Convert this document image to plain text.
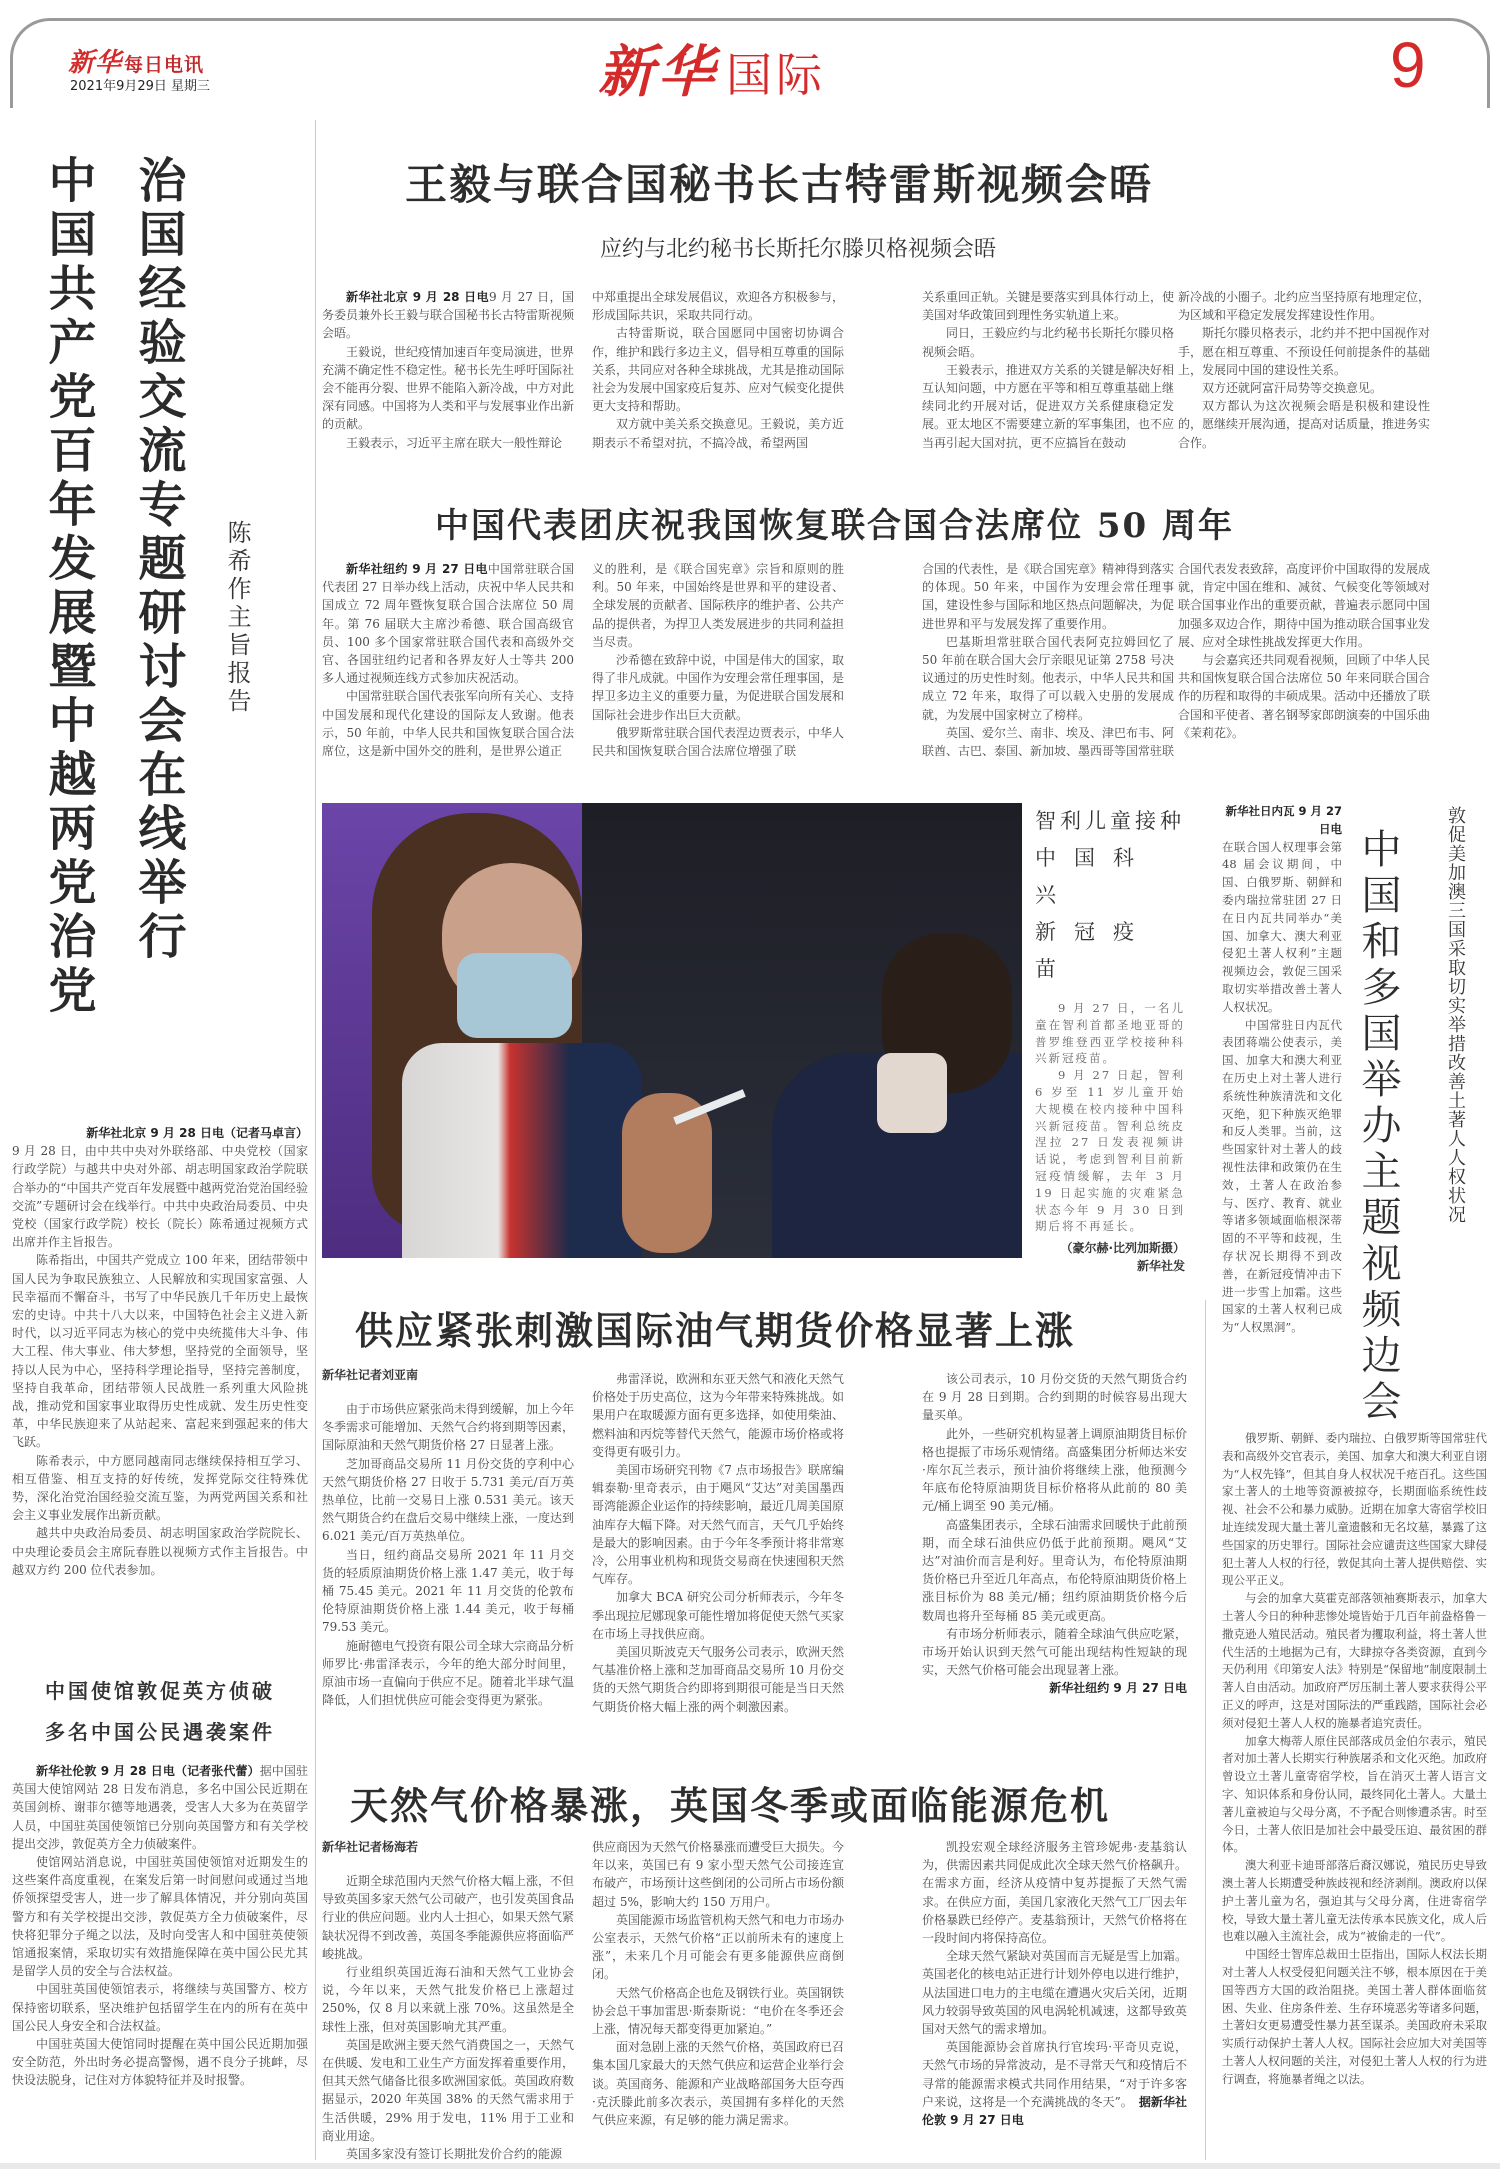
新华 每日电讯
2021年9月29日 星期三	新华 国际	9
中国共产党百年发展暨中越两党治党 治国经验交流专题研讨会在线举行 陈希作主旨报告

新华社北京 9 月 28 日电（记者马卓言）

9 月 28 日，由中共中央对外联络部、中央党校（国家行政学院）与越共中央对外部、胡志明国家政治学院联合举办的“中国共产党百年发展暨中越两党治党治国经验交流”专题研讨会在线举行。中共中央政治局委员、中央党校（国家行政学院）校长（院长）陈希通过视频方式出席并作主旨报告。

陈希指出，中国共产党成立 100 年来，团结带领中国人民为争取民族独立、人民解放和实现国家富强、人民幸福而不懈奋斗，书写了中华民族几千年历史上最恢宏的史诗。中共十八大以来，中国特色社会主义进入新时代，以习近平同志为核心的党中央统揽伟大斗争、伟大工程、伟大事业、伟大梦想，坚持党的全面领导，坚持以人民为中心，坚持科学理论指导，坚持完善制度，坚持自我革命，团结带领人民战胜一系列重大风险挑战，推动党和国家事业取得历史性成就、发生历史性变革，中华民族迎来了从站起来、富起来到强起来的伟大飞跃。

陈希表示，中方愿同越南同志继续保持相互学习、相互借鉴、相互支持的好传统，发挥党际交往特殊优势，深化治党治国经验交流互鉴，为两党两国关系和社会主义事业发展作出新贡献。

越共中央政治局委员、胡志明国家政治学院院长、中央理论委员会主席阮春胜以视频方式作主旨报告。中越双方约 200 位代表参加。

中国使馆敦促英方侦破
多名中国公民遇袭案件

新华社伦敦 9 月 28 日电（记者张代蕾）据中国驻英国大使馆网站 28 日发布消息，多名中国公民近期在英国剑桥、谢菲尔德等地遇袭，受害人大多为在英留学人员，中国驻英国使领馆已分别向英国警方和有关学校提出交涉，敦促英方全力侦破案件。

使馆网站消息说，中国驻英国使领馆对近期发生的这些案件高度重视，在案发后第一时间慰问或通过当地侨领探望受害人，进一步了解具体情况，并分别向英国警方和有关学校提出交涉，敦促英方全力侦破案件，尽快将犯罪分子绳之以法，及时向受害人和中国驻英使领馆通报案情，采取切实有效措施保障在英中国公民尤其是留学人员的安全与合法权益。

中国驻英国使领馆表示，将继续与英国警方、校方保持密切联系，坚决维护包括留学生在内的所有在英中国公民人身安全和合法权益。

中国驻英国大使馆同时提醒在英中国公民近期加强安全防范，外出时务必提高警惕，遇不良分子挑衅，尽快设法脱身，记住对方体貌特征并及时报警。

王毅与联合国秘书长古特雷斯视频会晤
应约与北约秘书长斯托尔滕贝格视频会晤

新华社北京 9 月 28 日电9 月 27 日，国务委员兼外长王毅与联合国秘书长古特雷斯视频会晤。

王毅说，世纪疫情加速百年变局演进，世界充满不确定性不稳定性。秘书长先生呼吁国际社会不能再分裂、世界不能陷入新冷战，中方对此深有同感。中国将为人类和平与发展事业作出新的贡献。

王毅表示，习近平主席在联大一般性辩论

中郑重提出全球发展倡议，欢迎各方积极参与，形成国际共识，采取共同行动。

古特雷斯说，联合国愿同中国密切协调合作，维护和践行多边主义，倡导相互尊重的国际关系，共同应对各种全球挑战，尤其是推动国际社会为发展中国家疫后复苏、应对气候变化提供更大支持和帮助。

双方就中美关系交换意见。王毅说，美方近期表示不希望对抗，不搞冷战，希望两国

关系重回正轨。关键是要落实到具体行动上，使美国对华政策回到理性务实轨道上来。

同日，王毅应约与北约秘书长斯托尔滕贝格视频会晤。

王毅表示，推进双方关系的关键是解决好相互认知问题，中方愿在平等和相互尊重基础上继续同北约开展对话，促进双方关系健康稳定发展。亚太地区不需要建立新的军事集团，也不应当再引起大国对抗，更不应搞旨在鼓动

新冷战的小圈子。北约应当坚持原有地理定位，为区域和平稳定发展发挥建设性作用。

斯托尔滕贝格表示，北约并不把中国视作对手，愿在相互尊重、不预设任何前提条件的基础上，发展同中国的建设性关系。

双方还就阿富汗局势等交换意见。

双方都认为这次视频会晤是积极和建设性的，愿继续开展沟通，提高对话质量，推进务实合作。

中国代表团庆祝我国恢复联合国合法席位 50 周年

新华社纽约 9 月 27 日电中国常驻联合国代表团 27 日举办线上活动，庆祝中华人民共和国成立 72 周年暨恢复联合国合法席位 50 周年。第 76 届联大主席沙希德、联合国高级官员、100 多个国家常驻联合国代表和高级外交官、各国驻纽约记者和各界友好人士等共 200 多人通过视频连线方式参加庆祝活动。

中国常驻联合国代表张军向所有关心、支持中国发展和现代化建设的国际友人致谢。他表示，50 年前，中华人民共和国恢复联合国合法席位，这是新中国外交的胜利，是世界公道正

义的胜利，是《联合国宪章》宗旨和原则的胜利。50 年来，中国始终是世界和平的建设者、全球发展的贡献者、国际秩序的维护者、公共产品的提供者，为捍卫人类发展进步的共同利益担当尽责。

沙希德在致辞中说，中国是伟大的国家，取得了非凡成就。中国作为安理会常任理事国，是捍卫多边主义的重要力量，为促进联合国发展和国际社会进步作出巨大贡献。

俄罗斯常驻联合国代表涅边贾表示，中华人民共和国恢复联合国合法席位增强了联

合国的代表性，是《联合国宪章》精神得到落实的体现。50 年来，中国作为安理会常任理事国，建设性参与国际和地区热点问题解决，为促进世界和平与发展发挥了重要作用。

巴基斯坦常驻联合国代表阿克拉姆回忆了 50 年前在联合国大会厅亲眼见证第 2758 号决议通过的历史性时刻。他表示，中华人民共和国成立 72 年来，取得了可以载入史册的发展成就，为发展中国家树立了榜样。

英国、爱尔兰、南非、埃及、津巴布韦、阿联酋、古巴、泰国、新加坡、墨西哥等国常驻联

合国代表发表致辞，高度评价中国取得的发展成就，肯定中国在维和、减贫、气候变化等领域对联合国事业作出的重要贡献，普遍表示愿同中国加强多双边合作，期待中国为推动联合国事业发展、应对全球性挑战发挥更大作用。

与会嘉宾还共同观看视频，回顾了中华人民共和国恢复联合国合法席位 50 年来同联合国合作的历程和取得的丰硕成果。活动中还播放了联合国和平使者、著名钢琴家郎朗演奏的中国乐曲《茉莉花》。

智利儿童接种
中国科兴
新冠疫苗

9 月 27 日，一名儿童在智利首都圣地亚哥的普罗维登西亚学校接种科兴新冠疫苗。

9 月 27 日起，智利 6 岁至 11 岁儿童开始大规模在校内接种中国科兴新冠疫苗。智利总统皮涅拉 27 日发表视频讲话说，考虑到智利目前新冠疫情缓解，去年 3 月 19 日起实施的灾难紧急状态今年 9 月 30 日到期后将不再延长。

（豪尔赫·比列加斯摄）
新华社发	中国和多国举办主题视频边会 敦促美加澳三国采取切实举措改善土著人人权状况

新华社日内瓦 9 月 27 日电

在联合国人权理事会第 48 届会议期间，中国、白俄罗斯、朝鲜和委内瑞拉常驻团 27 日在日内瓦共同举办“美国、加拿大、澳大利亚侵犯土著人权利”主题视频边会，敦促三国采取切实举措改善土著人人权状况。

中国常驻日内瓦代表团蒋端公使表示，美国、加拿大和澳大利亚在历史上对土著人进行系统性种族清洗和文化灭绝，犯下种族灭绝罪和反人类罪。当前，这些国家针对土著人的歧视性法律和政策仍在生效，土著人在政治参与、医疗、教育、就业等诸多领域面临根深蒂固的不平等和歧视，生存状况长期得不到改善，在新冠疫情冲击下进一步雪上加霜。这些国家的土著人权利已成为“人权黑洞”。

俄罗斯、朝鲜、委内瑞拉、白俄罗斯等国常驻代表和高级外交官表示，美国、加拿大和澳大利亚自诩为“人权先锋”，但其自身人权状况千疮百孔。这些国家土著人的土地等资源被掠夺，长期面临系统性歧视、社会不公和暴力威胁。近期在加拿大寄宿学校旧址连续发现大量土著儿童遗骸和无名坟墓，暴露了这些国家的历史罪行。国际社会应谴责这些国家大肆侵犯土著人人权的行径，敦促其向土著人提供赔偿、实现公平正义。

与会的加拿大莫霍克部落领袖赛斯表示，加拿大土著人今日的种种悲惨处境皆始于几百年前盎格鲁－撒克逊人殖民活动。殖民者为攫取利益，将土著人世代生活的土地据为己有，大肆掠夺各类资源，直到今天仍利用《印第安人法》特别是“保留地”制度限制土著人自由活动。加政府严厉压制土著人要求获得公平正义的呼声，这是对国际法的严重践踏，国际社会必须对侵犯土著人人权的施暴者追究责任。

加拿大梅蒂人原住民部落成员金伯尔表示，殖民者对加土著人长期实行种族屠杀和文化灭绝。加政府曾设立土著儿童寄宿学校，旨在消灭土著人语言文字、知识体系和身份认同，最终同化土著人。大量土著儿童被迫与父母分离，不予配合则惨遭杀害。时至今日，土著人依旧是加社会中最受压迫、最贫困的群体。

澳大利亚卡迪哥部落后裔汉娜说，殖民历史导致澳土著人长期遭受种族歧视和经济剥削。澳政府以保护土著儿童为名，强迫其与父母分离，住进寄宿学校，导致大量土著儿童无法传承本民族文化，成人后也难以融入主流社会，成为“被偷走的一代”。

中国经士智库总裁田士臣指出，国际人权法长期对土著人人权受侵犯问题关注不够，根本原因在于美国等西方大国的政治阻挠。美国土著人群体面临贫困、失业、住房条件差、生存环境恶劣等诸多问题，土著妇女更易遭受性暴力甚至谋杀。美国政府未采取实质行动保护土著人人权。国际社会应加大对美国等土著人人权问题的关注，对侵犯土著人人权的行为进行调查，将施暴者绳之以法。

供应紧张刺激国际油气期货价格显著上涨
新华社记者刘亚南

由于市场供应紧张尚未得到缓解，加上今年冬季需求可能增加、天然气合约将到期等因素，国际原油和天然气期货价格 27 日显著上涨。

芝加哥商品交易所 11 月份交货的亨利中心天然气期货价格 27 日收于 5.731 美元/百万英热单位，比前一交易日上涨 0.531 美元。该天然气期货合约在盘后交易中继续上涨，一度达到 6.021 美元/百万英热单位。

当日，纽约商品交易所 2021 年 11 月交货的轻质原油期货价格上涨 1.47 美元，收于每桶 75.45 美元。2021 年 11 月交货的伦敦布伦特原油期货价格上涨 1.44 美元，收于每桶 79.53 美元。

施耐德电气投资有限公司全球大宗商品分析师罗比·弗雷泽表示，今年的绝大部分时间里，原油市场一直偏向于供应不足。随着北半球气温降低，人们担忧供应可能会变得更为紧张。

弗雷泽说，欧洲和东亚天然气和液化天然气价格处于历史高位，这为今年带来特殊挑战。如果用户在取暖源方面有更多选择，如使用柴油、燃料油和丙烷等替代天然气，能源市场价格或将变得更有吸引力。

美国市场研究刊物《7 点市场报告》联席编辑泰勒·里奇表示，由于飓风“艾达”对美国墨西哥湾能源企业运作的持续影响，最近几周美国原油库存大幅下降。对天然气而言，天气几乎始终是最大的影响因素。由于今年冬季预计将非常寒冷，公用事业机构和现货交易商在快速囤积天然气库存。

加拿大 BCA 研究公司分析师表示，今年冬季出现拉尼娜现象可能性增加将促使天然气买家在市场上寻找供应商。

美国贝斯波克天气服务公司表示，欧洲天然气基准价格上涨和芝加哥商品交易所 10 月份交货的天然气期货合约即将到期很可能是当日天然气期货价格大幅上涨的两个刺激因素。

该公司表示，10 月份交货的天然气期货合约在 9 月 28 日到期。合约到期的时候容易出现大量买单。

此外，一些研究机构显著上调原油期货目标价格也提振了市场乐观情绪。高盛集团分析师达米安·库尔瓦兰表示，预计油价将继续上涨，他预测今年底布伦特原油期货目标价格将从此前的 80 美元/桶上调至 90 美元/桶。

高盛集团表示，全球石油需求回暖快于此前预期，而全球石油供应仍低于此前预期。飓风“艾达”对油价而言是利好。里奇认为，布伦特原油期货价格已升至近几年高点，布伦特原油期货价格上涨目标价为 88 美元/桶；纽约原油期货价格今后数周也将升至每桶 85 美元或更高。

有市场分析师表示，随着全球油气供应吃紧，市场开始认识到天然气可能出现结构性短缺的现实，天然气价格可能会出现显著上涨。

新华社纽约 9 月 27 日电

天然气价格暴涨，英国冬季或面临能源危机
新华社记者杨海若

近期全球范围内天然气价格大幅上涨，不但导致英国多家天然气公司破产，也引发英国食品行业的供应问题。业内人士担心，如果天然气紧缺状况得不到改善，英国冬季能源供应将面临严峻挑战。

行业组织英国近海石油和天然气工业协会说，今年以来，天然气批发价格已上涨超过 250%，仅 8 月以来就上涨 70%。这虽然是全球性上涨，但对英国影响尤其严重。

英国是欧洲主要天然气消费国之一，天然气在供暖、发电和工业生产方面发挥着重要作用，但其天然气储备比很多欧洲国家低。英国政府数据显示，2020 年英国 38% 的天然气需求用于生活供暖，29% 用于发电，11% 用于工业和商业用途。

英国多家没有签订长期批发价合约的能源

供应商因为天然气价格暴涨而遭受巨大损失。今年以来，英国已有 9 家小型天然气公司接连宣布破产，市场预计这些倒闭的公司所占市场份额超过 5%，影响大约 150 万用户。

英国能源市场监管机构天然气和电力市场办公室表示，天然气价格“正以前所未有的速度上涨”，未来几个月可能会有更多能源供应商倒闭。

天然气价格高企也危及钢铁行业。英国钢铁协会总干事加雷思·斯泰斯说：“电价在冬季还会上涨，情况每天都变得更加紧迫。”

面对急剧上涨的天然气价格，英国政府已召集本国几家最大的天然气供应和运营企业举行会谈。英国商务、能源和产业战略部国务大臣夸西·克沃滕此前多次表示，英国拥有多样化的天然气供应来源，有足够的能力满足需求。

凯投宏观全球经济服务主管珍妮弗·麦基翁认为，供需因素共同促成此次全球天然气价格飙升。在需求方面，经济从疫情中复苏提振了天然气需求。在供应方面，美国几家液化天然气工厂因去年价格暴跌已经停产。麦基翁预计，天然气价格将在一段时间内将保持高位。

全球天然气紧缺对英国而言无疑是雪上加霜。英国老化的核电站正进行计划外停电以进行维护，从法国进口电力的主电缆在遭遇火灾后关闭，近期风力较弱导致英国的风电涡轮机减速，这都导致英国对天然气的需求增加。

英国能源协会首席执行官埃玛·平奇贝克说，天然气市场的异常波动，是不寻常天气和疫情后不寻常的能源需求模式共同作用结果，“对于许多客户来说，这将是一个充满挑战的冬天”。　 据新华社伦敦 9 月 27 日电
